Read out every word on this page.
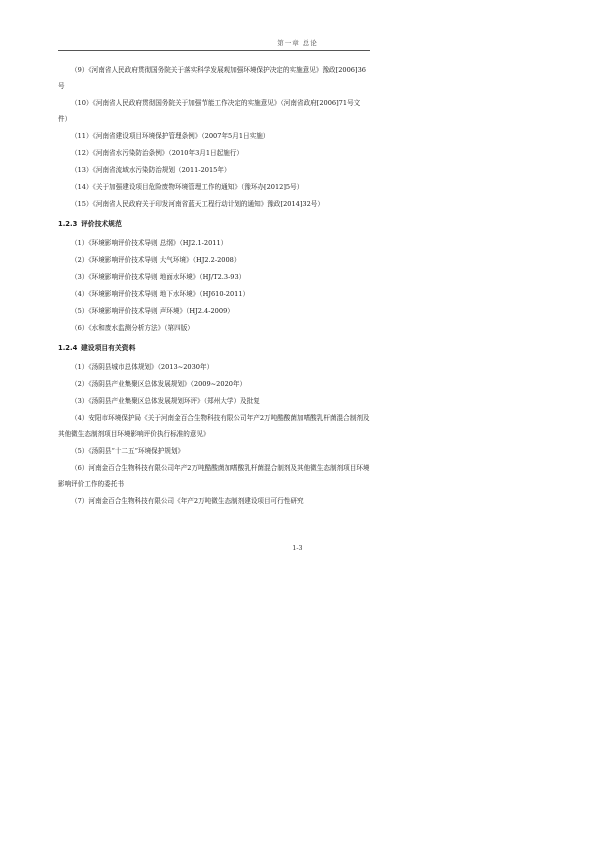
第一章 总论

（9）《河南省人民政府贯彻国务院关于落实科学发展观加强环境保护决定的实施意见》豫政[2006]36号

（10）《河南省人民政府贯彻国务院关于加强节能工作决定的实施意见》（河南省政府[2006]71号文件）

（11）《河南省建设项目环境保护管理条例》（2007年5月1日实施）

（12）《河南省水污染防治条例》（2010年3月1日起施行）

（13）《河南省流域水污染防治规划（2011-2015年）

（14）《关于加强建设项目危险废物环境管理工作的通知》（豫环办[2012]5号）

（15）《河南省人民政府关于印发河南省蓝天工程行动计划的通知》豫政[2014]32号）

1.2.3 评价技术规范

（1）《环境影响评价技术导则 总纲》（HJ2.1-2011）

（2）《环境影响评价技术导则 大气环境》（HJ2.2-2008）

（3）《环境影响评价技术导则 地面水环境》（HJ/T2.3-93）

（4）《环境影响评价技术导则 地下水环境》（HJ610-2011）

（5）《环境影响评价技术导则 声环境》（HJ2.4-2009）

（6）《水和废水监测分析方法》（第四版）

1.2.4 建设项目有关资料

（1）《汤阴县城市总体规划》（2013~2030年）

（2）《汤阴县产业集聚区总体发展规划》（2009~2020年）

（3）《汤阴县产业集聚区总体发展规划环评》（郑州大学）及批复

（4）安阳市环境保护局《关于河南金百合生物科技有限公司年产2万吨酷酸菌加嗜酸乳杆菌混合制剂及其他微生态制剂项目环境影响评价执行标准的意见》

（5）《汤阴县“十二五”环境保护规划》

（6）河南金百合生物科技有限公司年产2万吨酷酸菌加嗜酸乳杆菌混合制剂及其他微生态制剂项目环境影响评价工作的委托书

（7）河南金百合生物科技有限公司《年产2万吨微生态制剂建设项目可行性研究

1-3
